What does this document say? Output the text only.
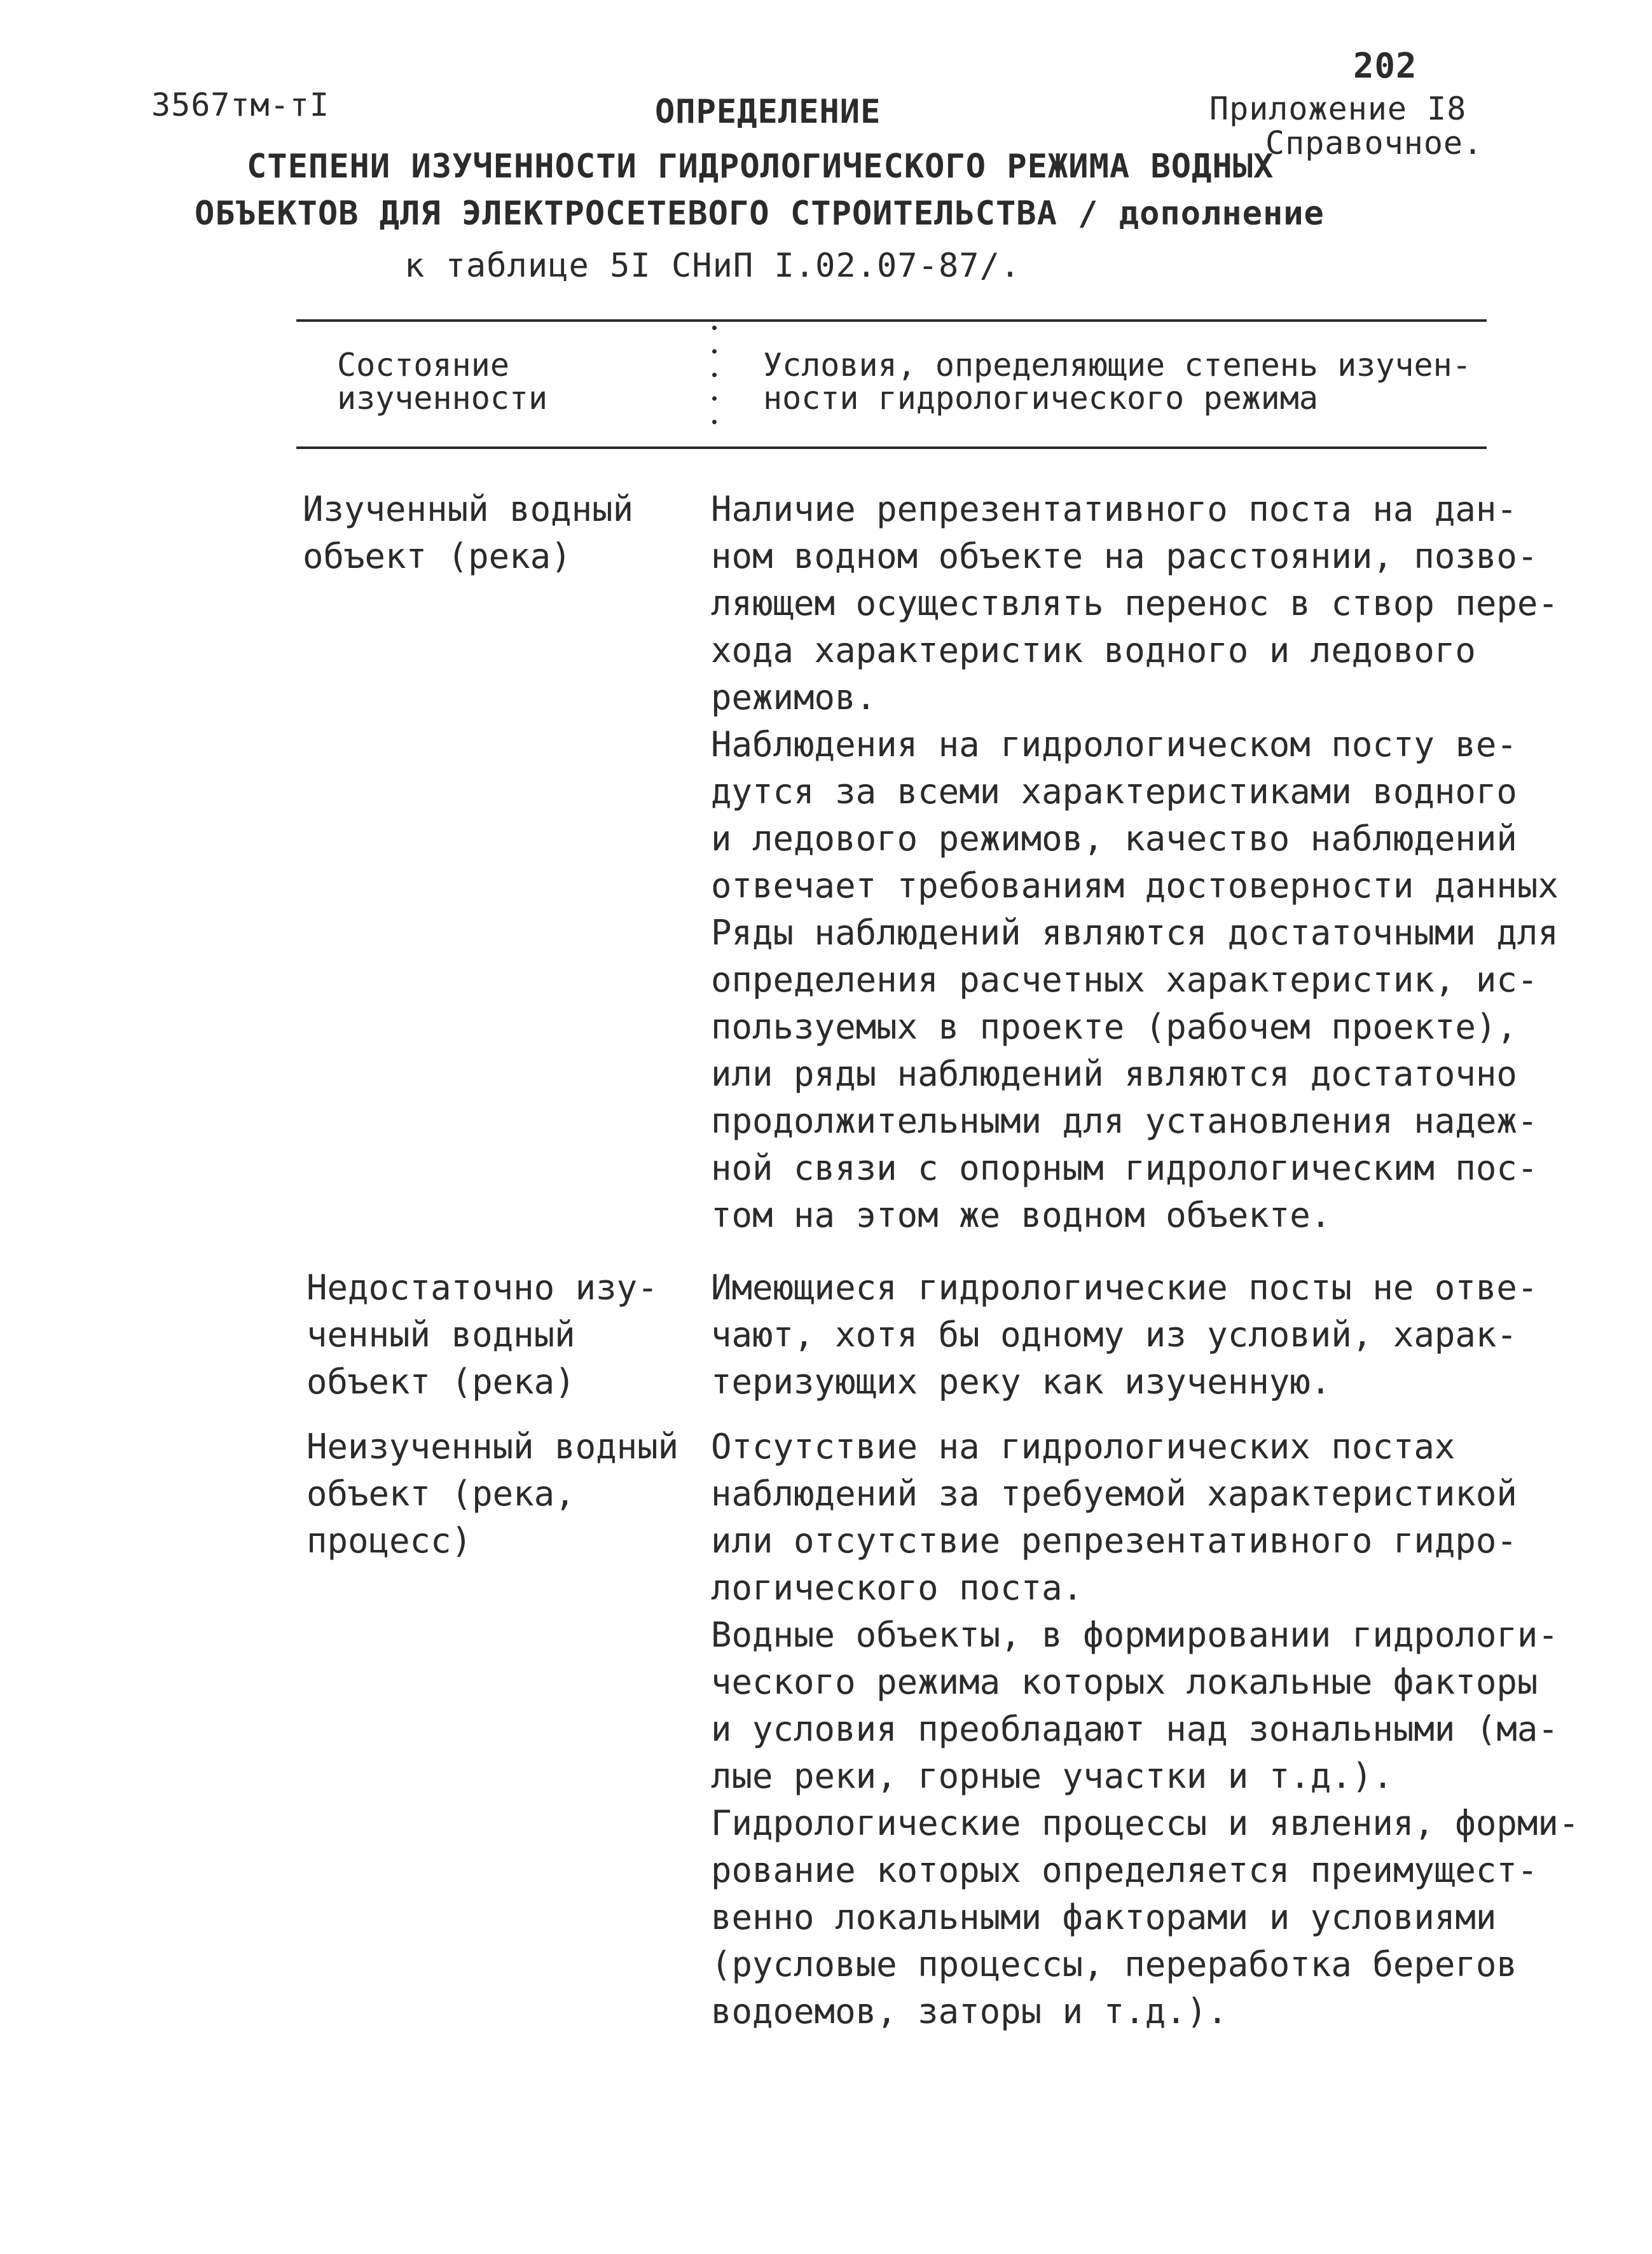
202
3567тм-тI	Приложение I8
Справочное.
ОПРЕДЕЛЕНИЕ
СТЕПЕНИ ИЗУЧЕННОСТИ ГИДРОЛОГИЧЕСКОГО РЕЖИМА ВОДНЫХ
ОБЪЕКТОВ ДЛЯ ЭЛЕКТРОСЕТЕВОГО СТРОИТЕЛЬСТВА / дополнение
к таблице 5I СНиП I.02.07-87/.
Состояние
изученности
Условия, определяющие степень изучен-
ности гидрологического режима
Изученный водный
объект (река)
Наличие репрезентативного поста на дан-
ном водном объекте на расстоянии, позво-
ляющем осуществлять перенос в створ пере-
хода характеристик водного и ледового
режимов.
Наблюдения на гидрологическом посту ве-
дутся за всеми характеристиками водного
и ледового режимов, качество наблюдений
отвечает требованиям достоверности данных
Ряды наблюдений являются достаточными для
определения расчетных характеристик, ис-
пользуемых в проекте (рабочем проекте),
или ряды наблюдений являются достаточно
продолжительными для установления надеж-
ной связи с опорным гидрологическим пос-
том на этом же водном объекте.
Недостаточно изу-
ченный водный
объект (река)
Имеющиеся гидрологические посты не отве-
чают, хотя бы одному из условий, харак-
теризующих реку как изученную.
Неизученный водный
объект (река,
процесс)
Отсутствие на гидрологических постах
наблюдений за требуемой характеристикой
или отсутствие репрезентативного гидро-
логического поста.
Водные объекты, в формировании гидрологи-
ческого режима которых локальные факторы
и условия преобладают над зональными (ма-
лые реки, горные участки и т.д.).
Гидрологические процессы и явления, форми-
рование которых определяется преимущест-
венно локальными факторами и условиями
(русловые процессы, переработка берегов
водоемов, заторы и т.д.).
